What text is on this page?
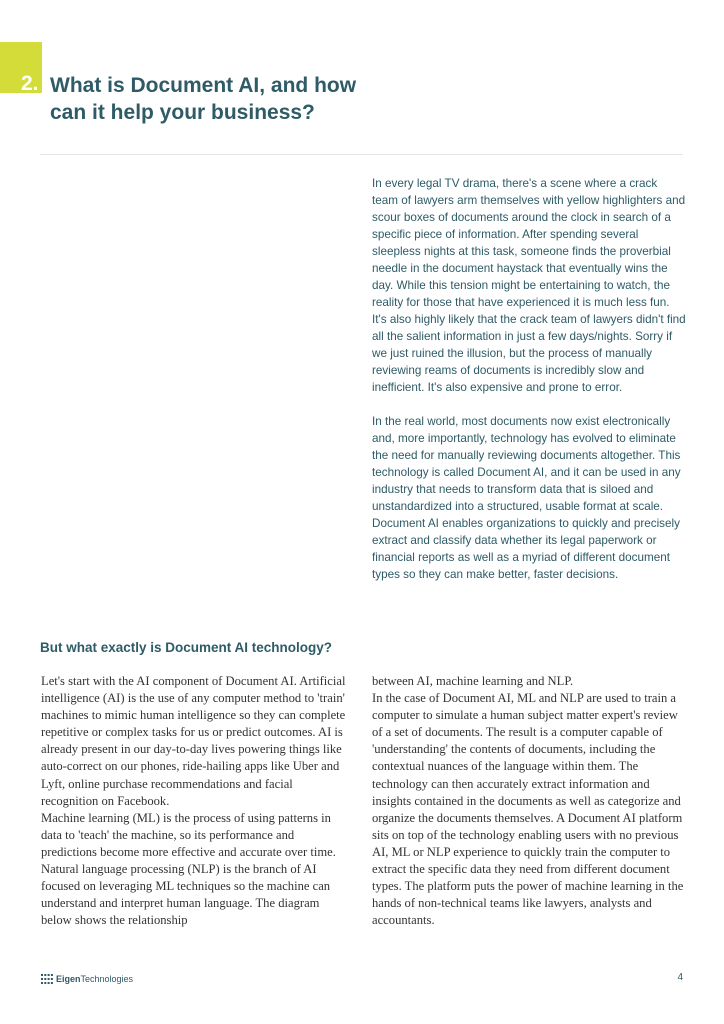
2. What is Document AI, and how can it help your business?

In every legal TV drama, there's a scene where a crack team of lawyers arm themselves with yellow highlighters and scour boxes of documents around the clock in search of a specific piece of information. After spending several sleepless nights at this task, someone finds the proverbial needle in the document haystack that eventually wins the day. While this tension might be entertaining to watch, the reality for those that have experienced it is much less fun. It's also highly likely that the crack team of lawyers didn't find all the salient information in just a few days/nights. Sorry if we just ruined the illusion, but the process of manually reviewing reams of documents is incredibly slow and inefficient. It's also expensive and prone to error.

In the real world, most documents now exist electronically and, more importantly, technology has evolved to eliminate the need for manually reviewing documents altogether. This technology is called Document AI, and it can be used in any industry that needs to transform data that is siloed and unstandardized into a structured, usable format at scale. Document AI enables organizations to quickly and precisely extract and classify data whether its legal paperwork or financial reports as well as a myriad of different document types so they can make better, faster decisions.

But what exactly is Document AI technology?

Let's start with the AI component of Document AI. Artificial intelligence (AI) is the use of any computer method to 'train' machines to mimic human intelligence so they can complete repetitive or complex tasks for us or predict outcomes. AI is already present in our day-to-day lives powering things like auto-correct on our phones, ride-hailing apps like Uber and Lyft, online purchase recommendations and facial recognition on Facebook.

Machine learning (ML) is the process of using patterns in data to 'teach' the machine, so its performance and predictions become more effective and accurate over time. Natural language processing (NLP) is the branch of AI focused on leveraging ML techniques so the machine can understand and interpret human language. The diagram below shows the relationship

between AI, machine learning and NLP.

In the case of Document AI, ML and NLP are used to train a computer to simulate a human subject matter expert's review of a set of documents. The result is a computer capable of 'understanding' the contents of documents, including the contextual nuances of the language within them. The technology can then accurately extract information and insights contained in the documents as well as categorize and organize the documents themselves. A Document AI platform sits on top of the technology enabling users with no previous AI, ML or NLP experience to quickly train the computer to extract the specific data they need from different document types. The platform puts the power of machine learning in the hands of non-technical teams like lawyers, analysts and accountants.

EigenTechnologies	4
